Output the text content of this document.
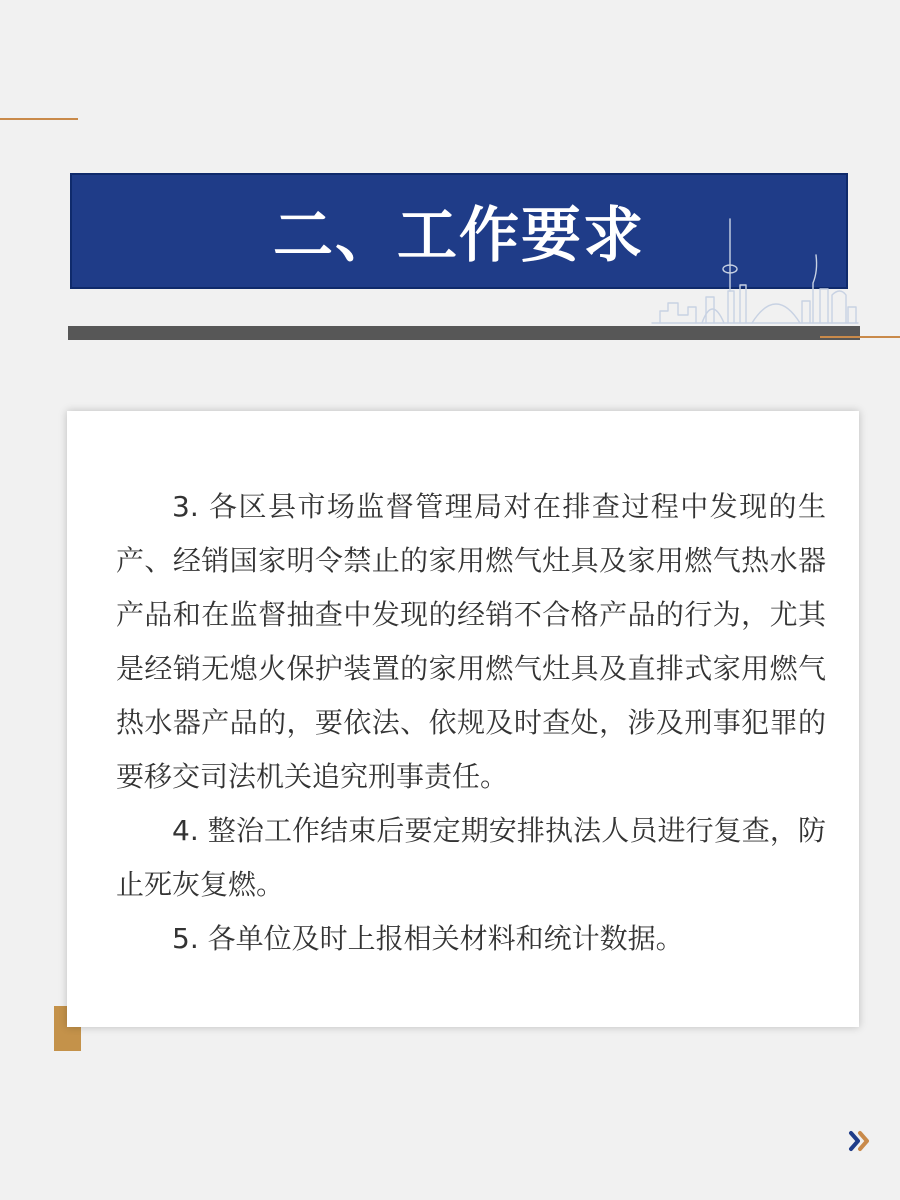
二、工作要求

3. 各区县市场监督管理局对在排查过程中发现的生产、经销国家明令禁止的家用燃气灶具及家用燃气热水器产品和在监督抽查中发现的经销不合格产品的行为，尤其是经销无熄火保护装置的家用燃气灶具及直排式家用燃气热水器产品的，要依法、依规及时查处，涉及刑事犯罪的要移交司法机关追究刑事责任。

4. 整治工作结束后要定期安排执法人员进行复查，防止死灰复燃。

5. 各单位及时上报相关材料和统计数据。
